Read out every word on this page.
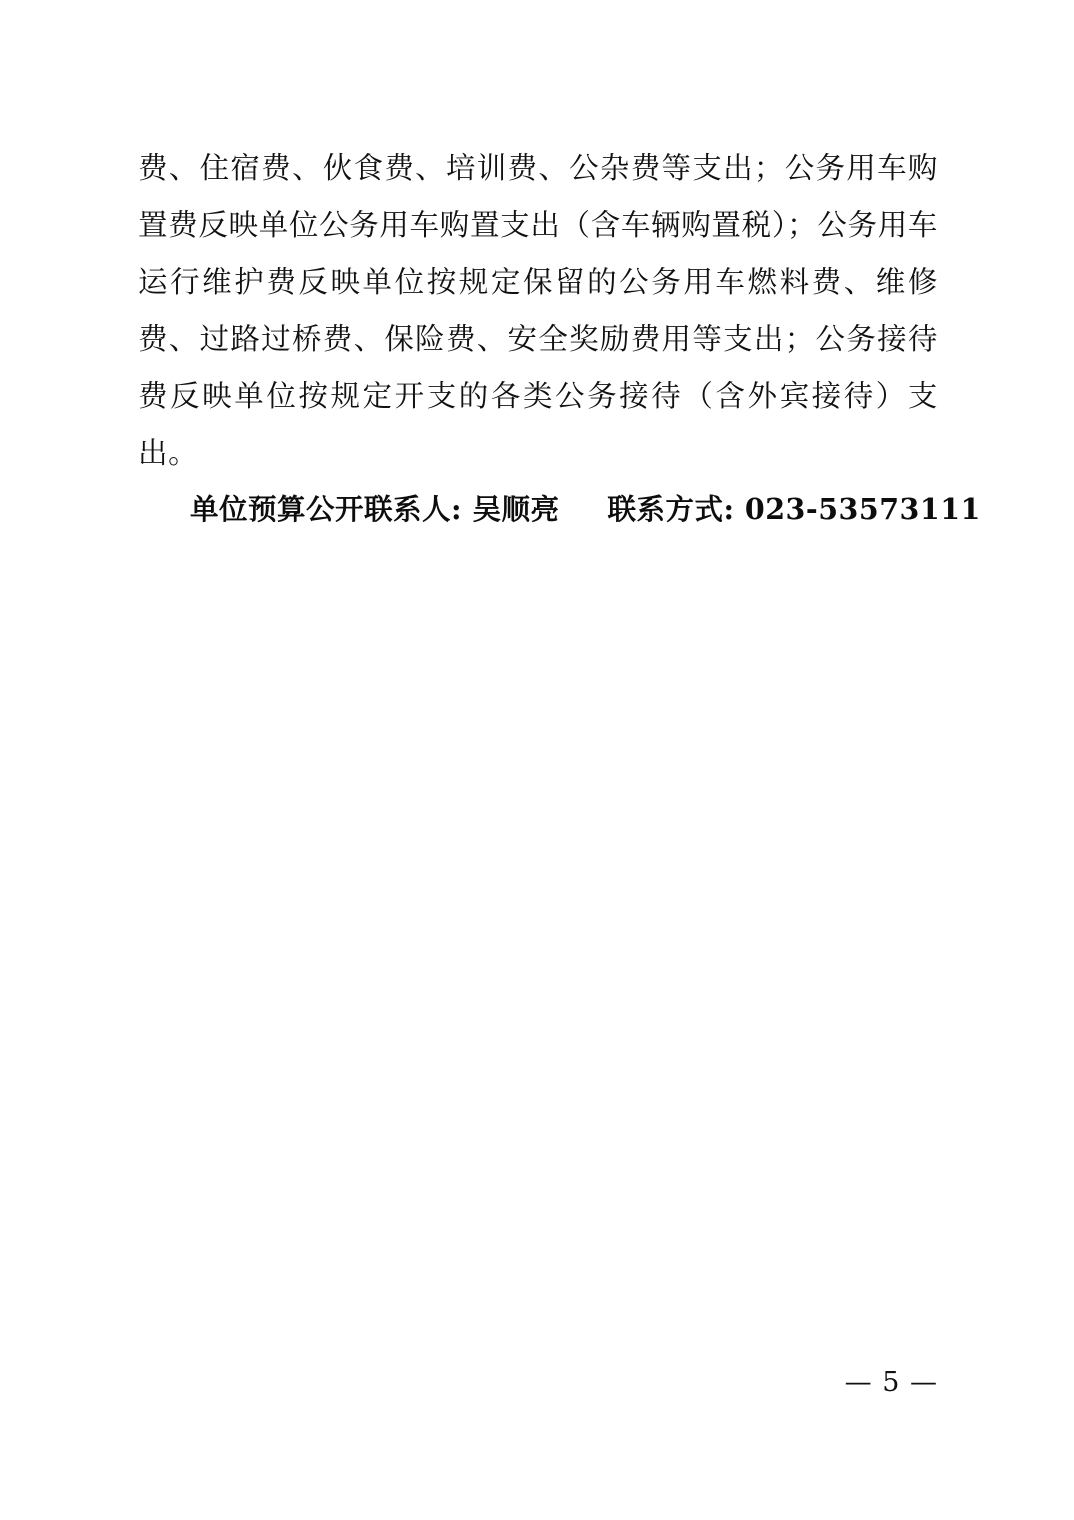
费、住宿费、伙食费、培训费、公杂费等支出；公务用车购置费反映单位公务用车购置支出（含车辆购置税）；公务用车运行维护费反映单位按规定保留的公务用车燃料费、维修费、过路过桥费、保险费、安全奖励费用等支出；公务接待费反映单位按规定开支的各类公务接待（含外宾接待）支出。

单位预算公开联系人: 吴顺亮 联系方式: 023-53573111
— 5 —
